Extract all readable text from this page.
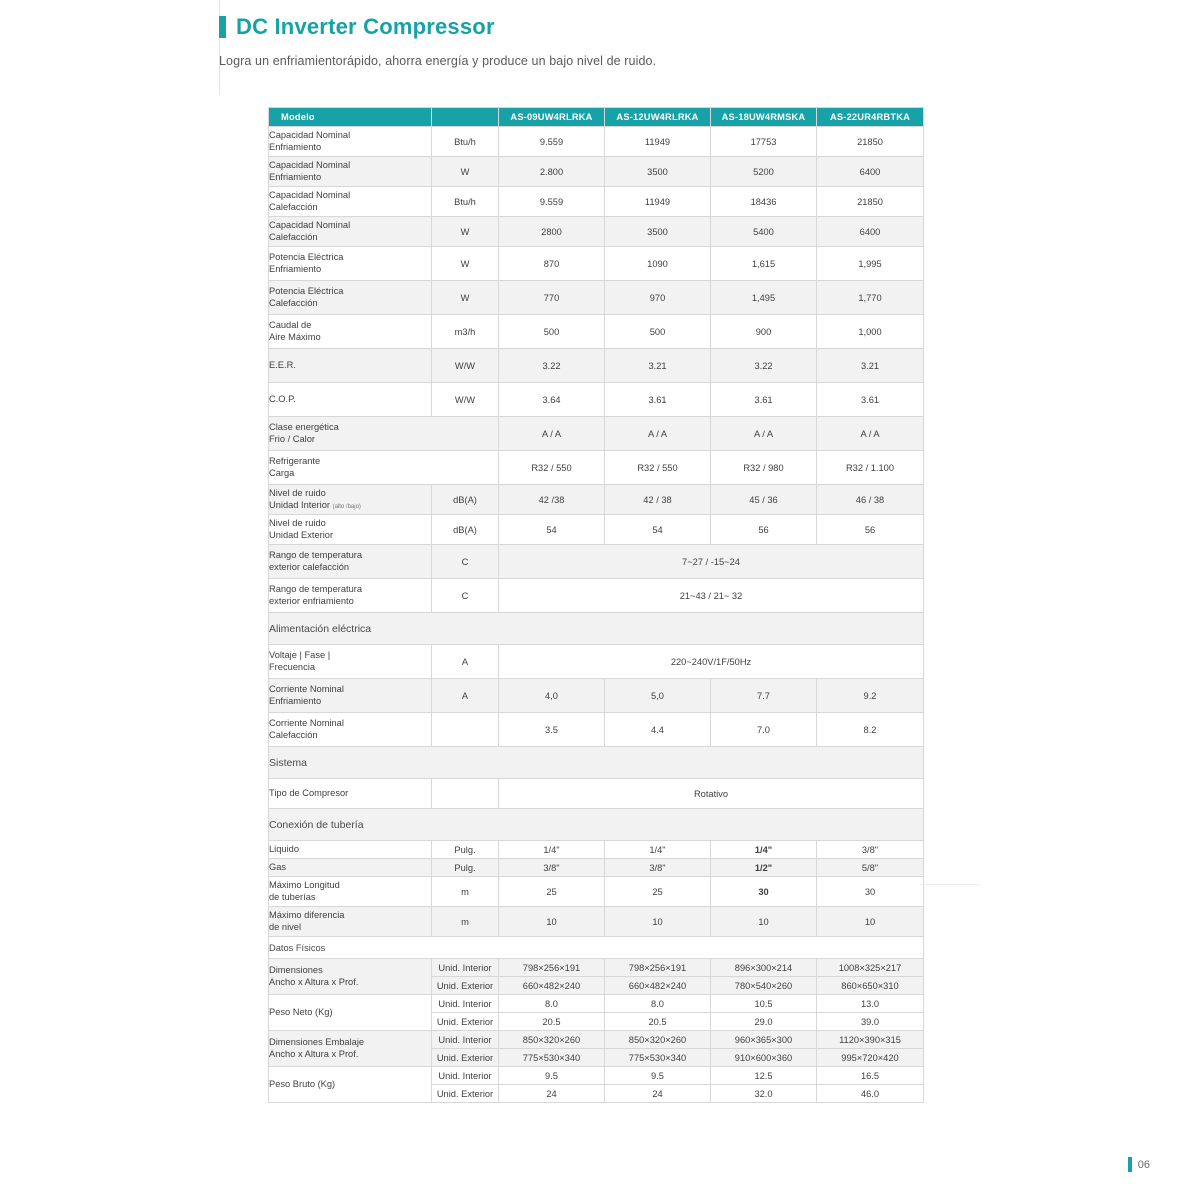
DC Inverter Compressor
Logra un enfriamientorápido, ahorra energía y produce un bajo nivel de ruido.
Modelo		AS-09UW4RLRKA	AS-12UW4RLRKA	AS-18UW4RMSKA	AS-22UR4RBTKA

Capacidad Nominal
Enfriamiento	Btu/h	9.559	11949	17753	21850

Capacidad Nominal
Enfriamiento	W	2.800	3500	5200	6400

Capacidad Nominal
Calefacción	Btu/h	9.559	11949	18436	21850

Capacidad Nominal
Calefacción	W	2800	3500	5400	6400

Potencia Eléctrica
Enfriamiento	W	870	1090	1,615	1,995

Potencia Eléctrica
Calefacción	W	770	970	1,495	1,770

Caudal de
Aire Máximo	m3/h	500	500	900	1,000

E.E.R.	W/W	3.22	3.21	3.22	3.21

C.O.P.	W/W	3.64	3.61	3.61	3.61

Clase energética
Frio / Calor		A / A	A / A	A / A	A / A

Refrigerante
Carga		R32 / 550	R32 / 550	R32 / 980	R32 / 1.100

Nivel de ruido
Unidad Interior (alto /bajo)	dB(A)	42 /38	42 / 38	45 / 36	46 / 38

Nivel de ruido
Unidad Exterior	dB(A)	54	54	56	56

Rango de temperatura
exterior calefacción	C	7~27 / -15~24			

Rango de temperatura
exterior enfriamiento	C	21~43 / 21~ 32			
Alimentación eléctrica					

Voltaje | Fase |
Frecuencia	A	220~240V/1F/50Hz			

Corriente Nominal
Enfriamiento	A	4,0	5,0	7.7	9.2

Corriente Nominal
Calefacción		3.5	4.4	7.0	8.2
Sistema					

Tipo de Compresor		Rotativo			
Conexión de tubería					

Liquido	Pulg.	1/4"	1/4"	1/4"	3/8"

Gas	Pulg.	3/8"	3/8"	1/2"	5/8"

Máximo Longitud
de tuberías	m	25	25	30	30

Máximo diferencia
de nivel	m	10	10	10	10
Datos Físicos					

Dimensiones
Ancho x Altura x Prof.	Unid. Interior	798×256×191	798×256×191	896×300×214	1008×325×217
	Unid. Exterior	660×482×240	660×482×240	780×540×260	860×650×310

Peso Neto (Kg)	Unid. Interior	8.0	8.0	10.5	13.0
	Unid. Exterior	20.5	20.5	29.0	39.0

Dimensiones Embalaje
Ancho x Altura x Prof.	Unid. Interior	850×320×260	850×320×260	960×365×300	1120×390×315
	Unid. Exterior	775×530×340	775×530×340	910×600×360	995×720×420

Peso Bruto (Kg)	Unid. Interior	9.5	9.5	12.5	16.5
	Unid. Exterior	24	24	32.0	46.0
06
